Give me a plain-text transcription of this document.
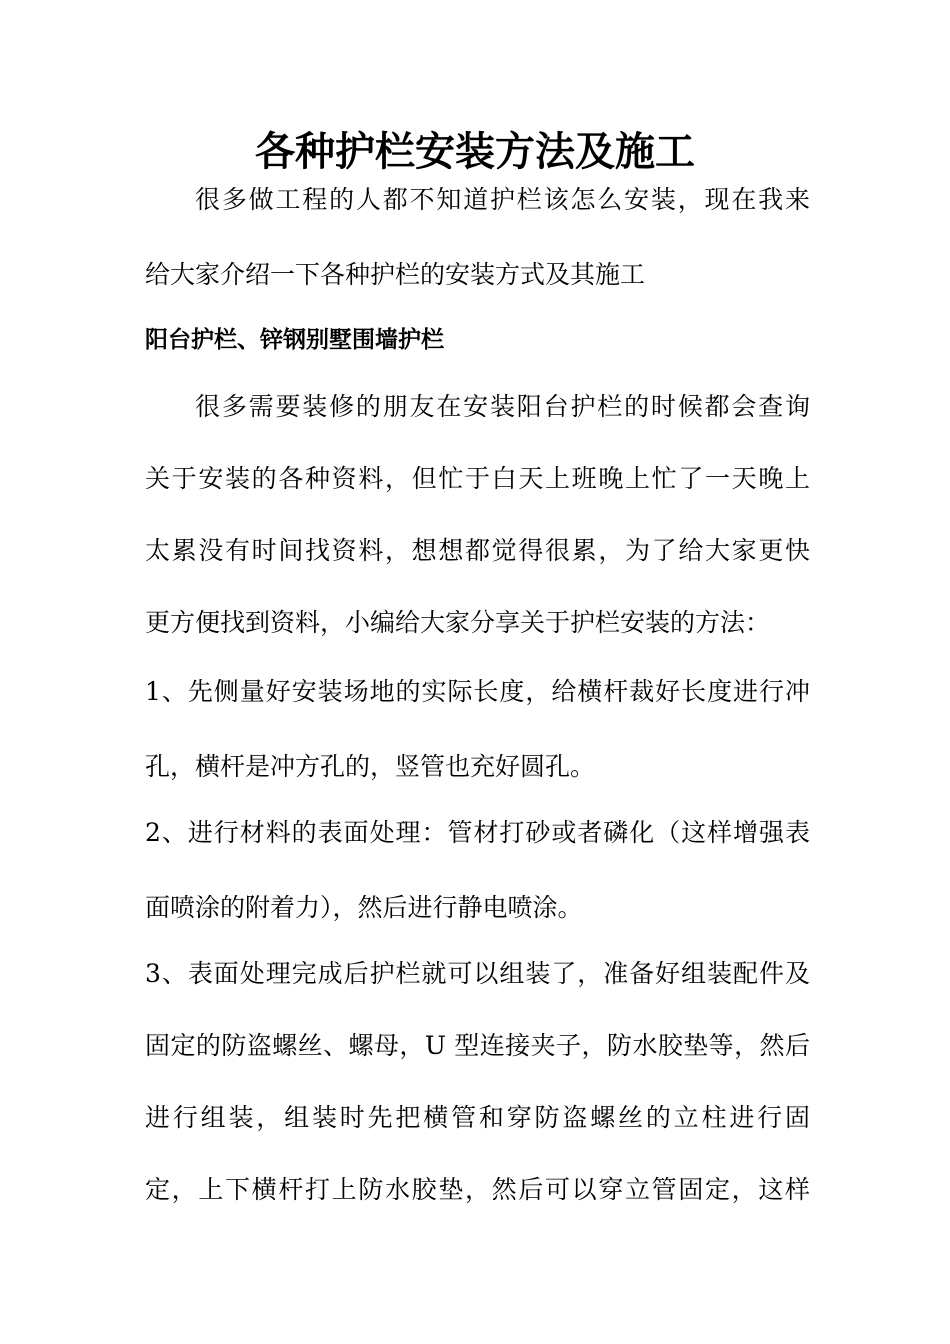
各种护栏安装方法及施工
很多做工程的人都不知道护栏该怎么安装，现在我来
给大家介绍一下各种护栏的安装方式及其施工
阳台护栏、锌钢别墅围墙护栏
很多需要装修的朋友在安装阳台护栏的时候都会查询
关于安装的各种资料，但忙于白天上班晚上忙了一天晚上
太累没有时间找资料，想想都觉得很累，为了给大家更快
更方便找到资料，小编给大家分享关于护栏安装的方法：
1、先侧量好安装场地的实际长度，给横杆裁好长度进行冲
孔，横杆是冲方孔的，竖管也充好圆孔。
2、进行材料的表面处理：管材打砂或者磷化（这样增强表
面喷涂的附着力），然后进行静电喷涂。
3、表面处理完成后护栏就可以组装了，准备好组装配件及
固定的防盗螺丝、螺母，U 型连接夹子，防水胶垫等，然后
进行组装，组装时先把横管和穿防盗螺丝的立柱进行固
定，上下横杆打上防水胶垫，然后可以穿立管固定，这样
